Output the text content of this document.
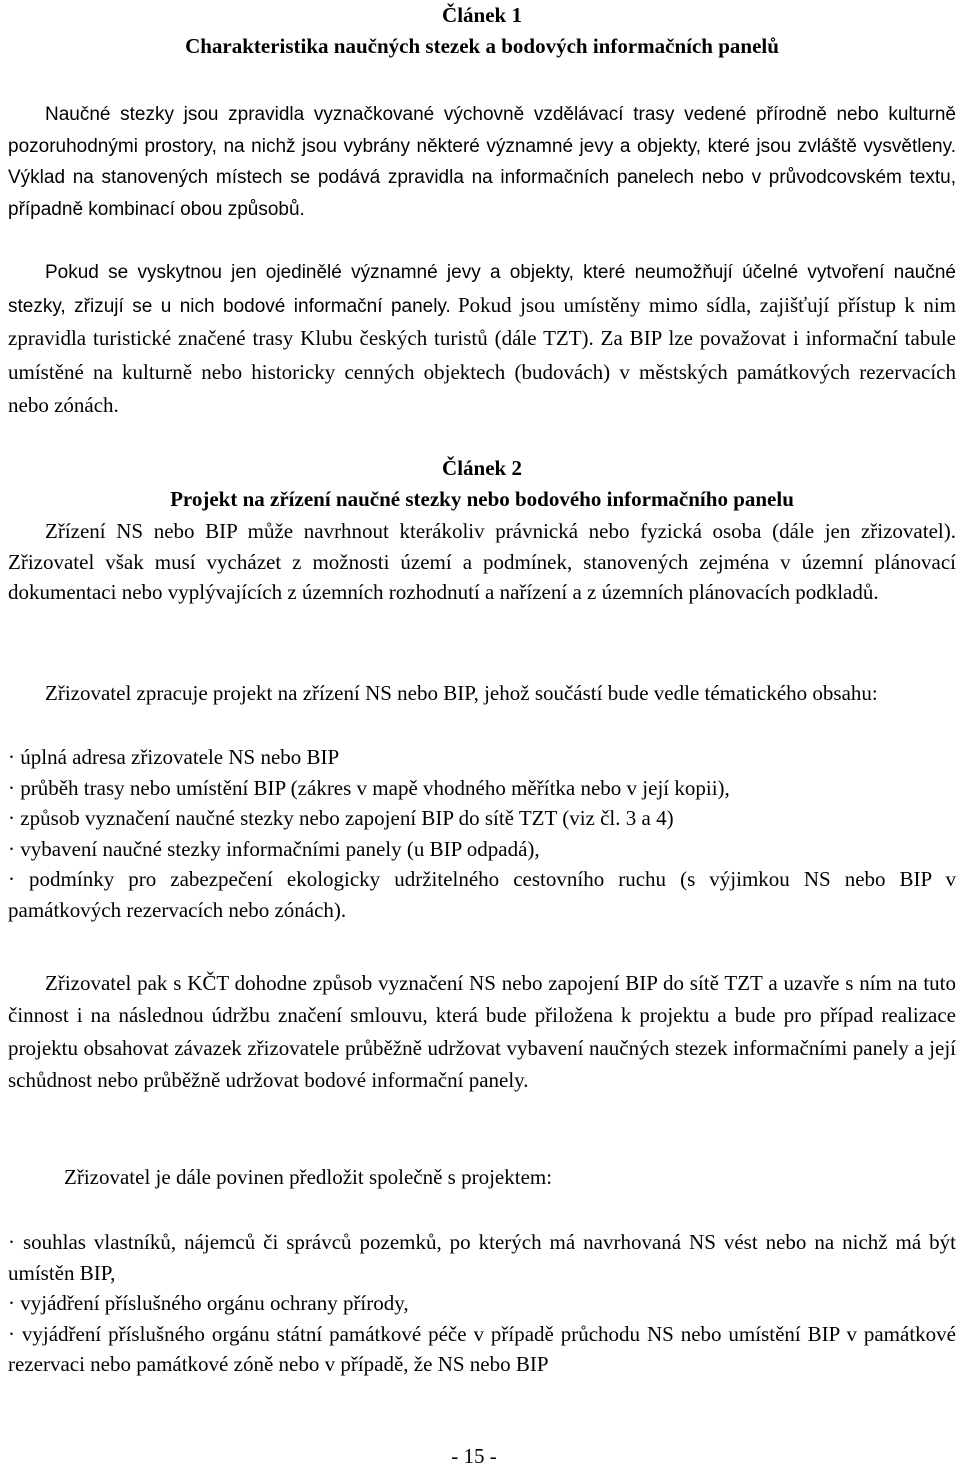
Článek 1

Charakteristika naučných stezek a bodových informačních panelů

Naučné stezky jsou zpravidla vyznačkované výchovně vzdělávací trasy vedené přírodně nebo kulturně pozoruhodnými prostory, na nichž jsou vybrány některé významné jevy a objekty, které jsou zvláště vysvětleny. Výklad na stanovených místech se podává zpravidla na informačních panelech nebo v průvodcovském textu, případně kombinací obou způsobů.

Pokud se vyskytnou jen ojedinělé významné jevy a objekty, které neumožňují účelné vytvoření naučné stezky, zřizují se u nich bodové informační panely. Pokud jsou umístěny mimo sídla, zajišťují přístup k nim zpravidla turistické značené trasy Klubu českých turistů (dále TZT). Za BIP lze považovat i informační tabule umístěné na kulturně nebo historicky cenných objektech (budovách) v městských památkových rezervacích nebo zónách.

Článek 2

Projekt na zřízení naučné stezky nebo bodového informačního panelu

Zřízení NS nebo BIP může navrhnout kterákoliv právnická nebo fyzická osoba (dále jen zřizovatel). Zřizovatel však musí vycházet z možnosti území a podmínek, stanovených zejména v územní plánovací dokumentaci nebo vyplývajících z územních rozhodnutí a nařízení a z územních plánovacích podkladů.

Zřizovatel zpracuje projekt na zřízení NS nebo BIP, jehož součástí bude vedle tématického obsahu:

· úplná adresa zřizovatele NS nebo BIP

· průběh trasy nebo umístění BIP (zákres v mapě vhodného měřítka nebo v její kopii),

· způsob vyznačení naučné stezky nebo zapojení BIP do sítě TZT (viz čl. 3 a 4)

· vybavení naučné stezky informačními panely (u BIP odpadá),

· podmínky pro zabezpečení ekologicky udržitelného cestovního ruchu (s výjimkou NS nebo BIP v památkových rezervacích nebo zónách).

Zřizovatel pak s KČT dohodne způsob vyznačení NS nebo zapojení BIP do sítě TZT a uzavře s ním na tuto činnost i na následnou údržbu značení smlouvu, která bude přiložena k projektu a bude pro případ realizace projektu obsahovat závazek zřizovatele průběžně udržovat vybavení naučných stezek informačními panely a její schůdnost nebo průběžně udržovat bodové informační panely.

Zřizovatel je dále povinen předložit společně s projektem:

· souhlas vlastníků, nájemců či správců pozemků, po kterých má navrhovaná NS vést nebo na nichž má být umístěn BIP,

· vyjádření příslušného orgánu ochrany přírody,

· vyjádření příslušného orgánu státní památkové péče v případě průchodu NS nebo umístění BIP v památkové rezervaci nebo památkové zóně nebo v případě, že NS nebo BIP

- 15 -
